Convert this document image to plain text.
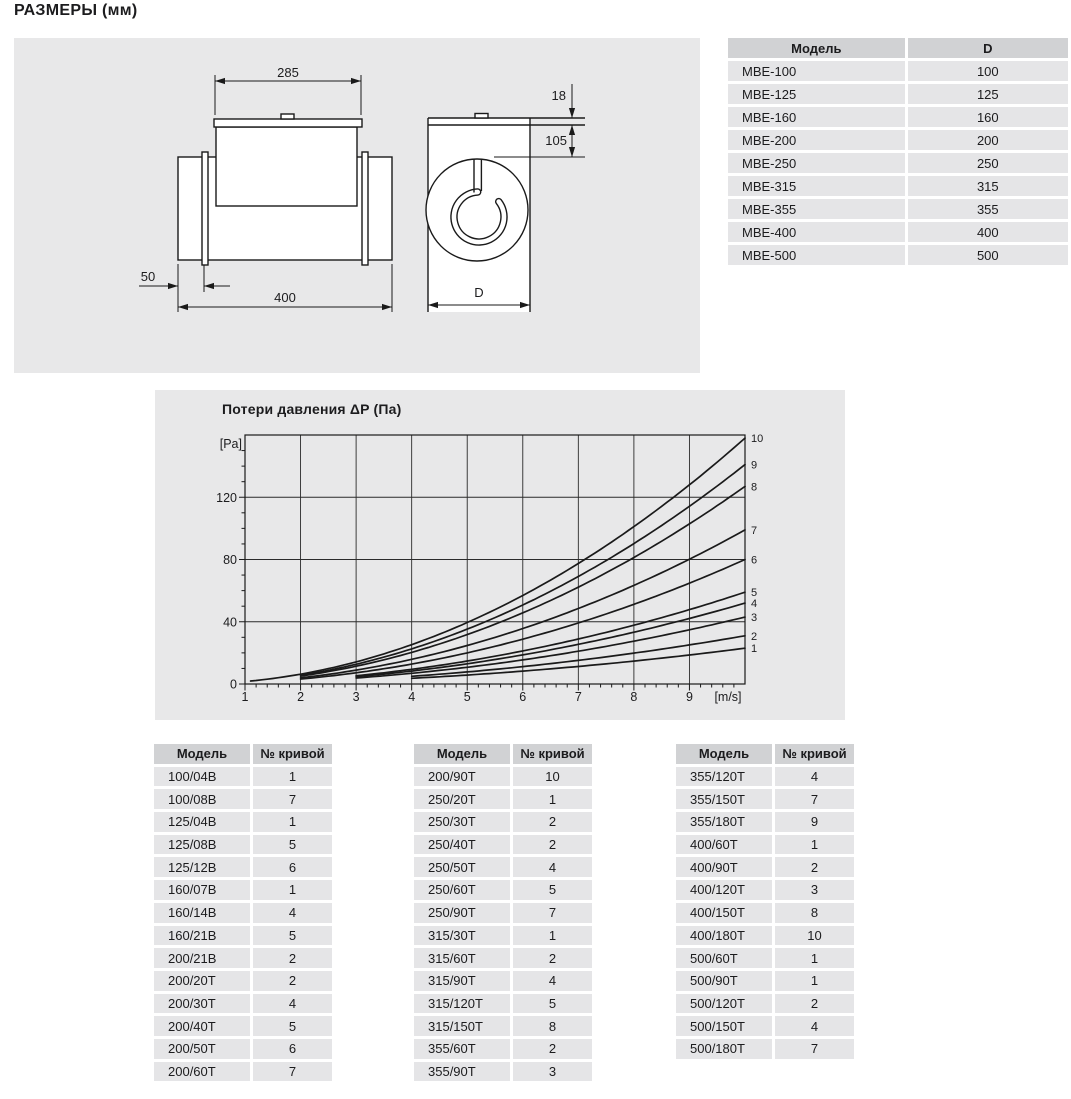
РАЗМЕРЫ (мм)
285
50
400
18
105
D
Модель	D
МВЕ-100	100
МВЕ-125	125
МВЕ-160	160
МВЕ-200	200
МВЕ-250	250
МВЕ-315	315
МВЕ-355	355
МВЕ-400	400
МВЕ-500	500
Потери давления ΔP (Па)
1	2	3	4	5	6	7	8	9 [m/s]
0
40
80
120
[Pa]
1
2
3
4
5
6
7
8
9
10
Модель	№ кривой
100/04В	1
100/08В	7
125/04В	1
125/08В	5
125/12В	6
160/07В	1
160/14В	4
160/21В	5
200/21В	2
200/20Т	2
200/30Т	4
200/40Т	5
200/50Т	6
200/60Т	7
Модель	№ кривой
200/90Т	10
250/20Т	1
250/30Т	2
250/40Т	2
250/50Т	4
250/60Т	5
250/90Т	7
315/30Т	1
315/60Т	2
315/90Т	4
315/120Т	5
315/150Т	8
355/60Т	2
355/90Т	3
Модель	№ кривой
355/120Т	4
355/150Т	7
355/180Т	9
400/60Т	1
400/90Т	2
400/120Т	3
400/150Т	8
400/180Т	10
500/60Т	1
500/90Т	1
500/120Т	2
500/150Т	4
500/180Т	7
